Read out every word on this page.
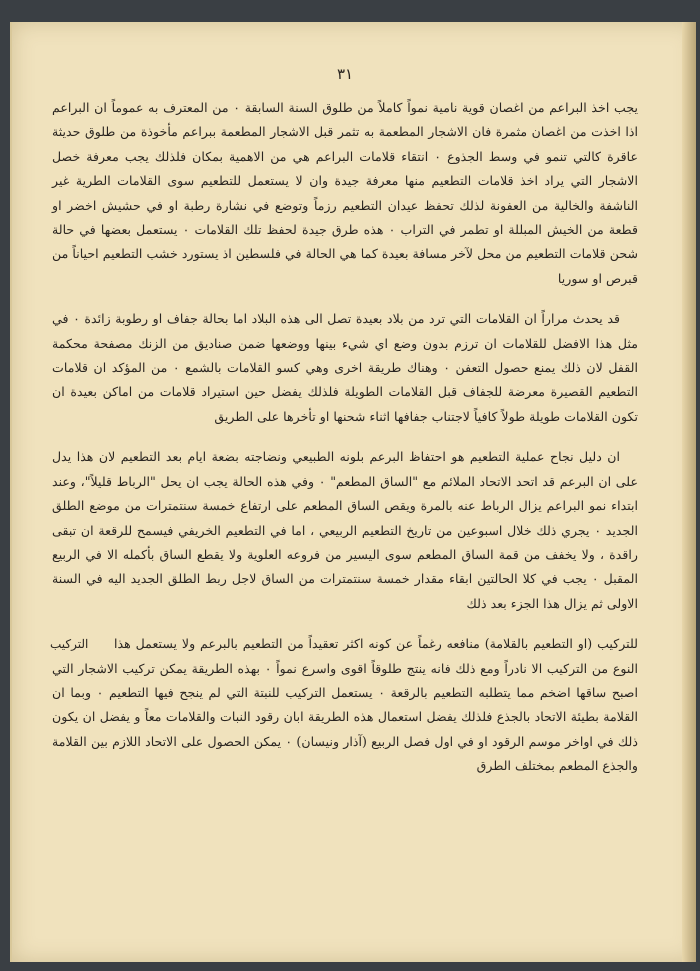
٣١

يجب اخذ البراعم من اغصان قوية نامية نمواً كاملاً من طلوق السنة السابقة ٠ من المعترف به عموماً ان البراعم اذا اخذت من اغصان مثمرة فان الاشجار المطعمة به تثمر قبل الاشجار المطعمة ببراعم مأخوذة من طلوق حديثة عاقرة كالتي تنمو في وسط الجذوع ٠ انتقاء قلامات البراعم هي من الاهمية بمكان فلذلك يجب معرفة خصل الاشجار التي يراد اخذ قلامات التطعيم منها معرفة جيدة وان لا يستعمل للتطعيم سوى القلامات الطرية غير الناشفة والخالية من العفونة لذلك تحفظ عيدان التطعيم رزماً وتوضع في نشارة رطبة او في حشيش اخضر او قطعة من الخيش المبللة او تطمر في التراب ٠ هذه طرق جيدة لحفظ تلك القلامات ٠ يستعمل بعضها في حالة شحن قلامات التطعيم من محل لآخر مسافة بعيدة كما هي الحالة في فلسطين اذ يستورد خشب التطعيم احياناً من قبرص او سوريا

قد يحدث مراراً ان القلامات التي ترد من بلاد بعيدة تصل الى هذه البلاد اما بحالة جفاف او رطوبة زائدة ٠ في مثل هذا الافضل للقلامات ان ترزم بدون وضع اي شيء بينها ووضعها ضمن صناديق من الزنك مصفحة محكمة القفل لان ذلك يمنع حصول التعفن ٠ وهناك طريقة اخرى وهي كسو القلامات بالشمع ٠ من المؤكد ان قلامات التطعيم القصيرة معرضة للجفاف قبل القلامات الطويلة فلذلك يفضل حين استيراد قلامات من اماكن بعيدة ان تكون القلامات طويلة طولاً كافياً لاجتناب جفافها اثناء شحنها او تأخرها على الطريق

ان دليل نجاح عملية التطعيم هو احتفاظ البرعم بلونه الطبيعي ونضاجته بضعة ايام بعد التطعيم لان هذا يدل على ان البرعم قد اتحد الاتحاد الملائم مع "الساق المطعم" ٠ وفي هذه الحالة يجب ان يحل "الرباط قليلاً"، وعند ابتداء نمو البراعم يزال الرباط عنه بالمرة ويقص الساق المطعم على ارتفاع خمسة سنتمترات من موضع الطلق الجديد ٠ يجري ذلك خلال اسبوعين من تاريخ التطعيم الربيعي ، اما في التطعيم الخريفي فيسمح للرقعة ان تبقى راقدة ، ولا يخفف من قمة الساق المطعم سوى اليسير من فروعه العلوية ولا يقطع الساق بأكمله الا في الربيع المقبل ٠ يجب في كلا الحالتين ابقاء مقدار خمسة سنتمترات من الساق لاجل ربط الطلق الجديد اليه في السنة الاولى ثم يزال هذا الجزء بعد ذلك

التركيب	للتركيب (او التطعيم بالقلامة) منافعه رغماً عن كونه اكثر تعقيداً من التطعيم بالبرعم ولا يستعمل هذا النوع من التركيب الا نادراً ومع ذلك فانه ينتج طلوقاً اقوى واسرع نمواً ٠ بهذه الطريقة يمكن تركيب الاشجار التي اصبح ساقها اضخم مما يتطلبه التطعيم بالرقعة ٠ يستعمل التركيب للنبتة التي لم ينجح فيها التطعيم ٠ وبما ان القلامة بطيئة الاتحاد بالجذع فلذلك يفضل استعمال هذه الطريقة ابان رقود النبات والقلامات معاً و يفضل ان يكون ذلك في اواخر موسم الرقود او في اول فصل الربيع (آذار ونيسان) ٠ يمكن الحصول على الاتحاد اللازم بين القلامة والجذع المطعم بمختلف الطرق
